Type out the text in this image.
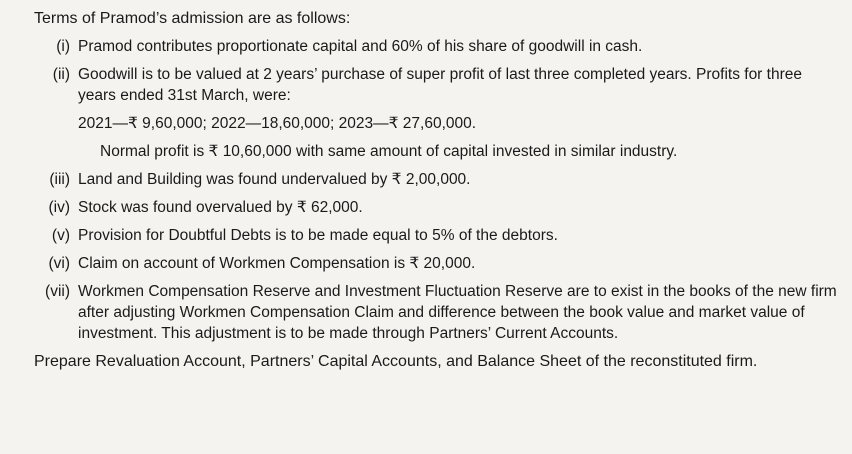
Terms of Pramod’s admission are as follows:
(i) Pramod contributes proportionate capital and 60% of his share of goodwill in cash.
(ii) Goodwill is to be valued at 2 years’ purchase of super profit of last three completed years. Profits for three years ended 31st March, were:
2021—₹ 9,60,000; 2022—18,60,000; 2023—₹ 27,60,000.
Normal profit is ₹ 10,60,000 with same amount of capital invested in similar industry.
(iii) Land and Building was found undervalued by ₹ 2,00,000.
(iv) Stock was found overvalued by ₹ 62,000.
(v) Provision for Doubtful Debts is to be made equal to 5% of the debtors.
(vi) Claim on account of Workmen Compensation is ₹ 20,000.
(vii) Workmen Compensation Reserve and Investment Fluctuation Reserve are to exist in the books of the new firm after adjusting Workmen Compensation Claim and difference between the book value and market value of investment. This adjustment is to be made through Partners’ Current Accounts.
Prepare Revaluation Account, Partners’ Capital Accounts, and Balance Sheet of the reconstituted firm.
